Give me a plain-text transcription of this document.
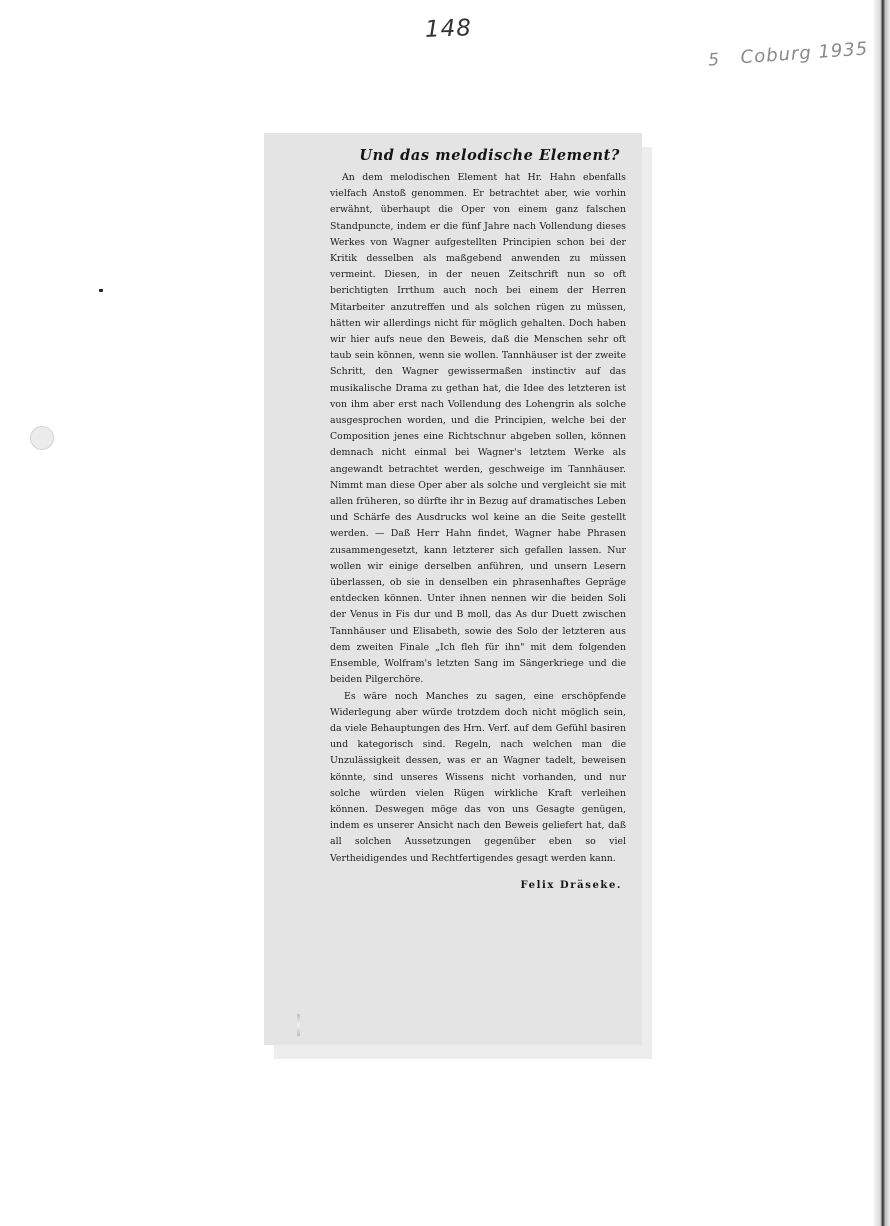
148
5 Coburg 1935
Und das melodische Element?

An dem melodischen Element hat Hr. Hahn ebenfalls vielfach Anstoß genommen. Er betrachtet aber, wie vorhin erwähnt, überhaupt die Oper von einem ganz falschen Standpuncte, indem er die fünf Jahre nach Vollendung dieses Werkes von Wagner aufgestellten Principien schon bei der Kritik desselben als maßgebend anwenden zu müssen vermeint. Diesen, in der neuen Zeitschrift nun so oft berichtigten Irrthum auch noch bei einem der Herren Mitarbeiter anzutreffen und als solchen rügen zu müssen, hätten wir allerdings nicht für möglich gehalten. Doch haben wir hier aufs neue den Beweis, daß die Menschen sehr oft taub sein können, wenn sie wollen. Tannhäuser ist der zweite Schritt, den Wagner gewissermaßen instinctiv auf das musikalische Drama zu gethan hat, die Idee des letzteren ist von ihm aber erst nach Vollendung des Lohengrin als solche ausgesprochen worden, und die Principien, welche bei der Composition jenes eine Richtschnur abgeben sollen, können demnach nicht einmal bei Wagner's letztem Werke als angewandt betrachtet werden, geschweige im Tannhäuser. Nimmt man diese Oper aber als solche und vergleicht sie mit allen früheren, so dürfte ihr in Bezug auf dramatisches Leben und Schärfe des Ausdrucks wol keine an die Seite gestellt werden. — Daß Herr Hahn findet, Wagner habe Phrasen zusammengesetzt, kann letzterer sich gefallen lassen. Nur wollen wir einige derselben anführen, und unsern Lesern überlassen, ob sie in denselben ein phrasenhaftes Gepräge entdecken können. Unter ihnen nennen wir die beiden Soli der Venus in Fis dur und B moll, das As dur Duett zwischen Tannhäuser und Elisabeth, sowie des Solo der letzteren aus dem zweiten Finale „Ich fleh für ihn" mit dem folgenden Ensemble, Wolfram's letzten Sang im Sängerkriege und die beiden Pilgerchöre.

Es wäre noch Manches zu sagen, eine erschöpfende Widerlegung aber würde trotzdem doch nicht möglich sein, da viele Behauptungen des Hrn. Verf. auf dem Gefühl basiren und kategorisch sind. Regeln, nach welchen man die Unzulässigkeit dessen, was er an Wagner tadelt, beweisen könnte, sind unseres Wissens nicht vorhanden, und nur solche würden vielen Rügen wirkliche Kraft verleihen können. Deswegen möge das von uns Gesagte genügen, indem es unserer Ansicht nach den Beweis geliefert hat, daß all solchen Aussetzungen gegenüber eben so viel Vertheidigendes und Rechtfertigendes gesagt werden kann.

Felix Dräseke.
